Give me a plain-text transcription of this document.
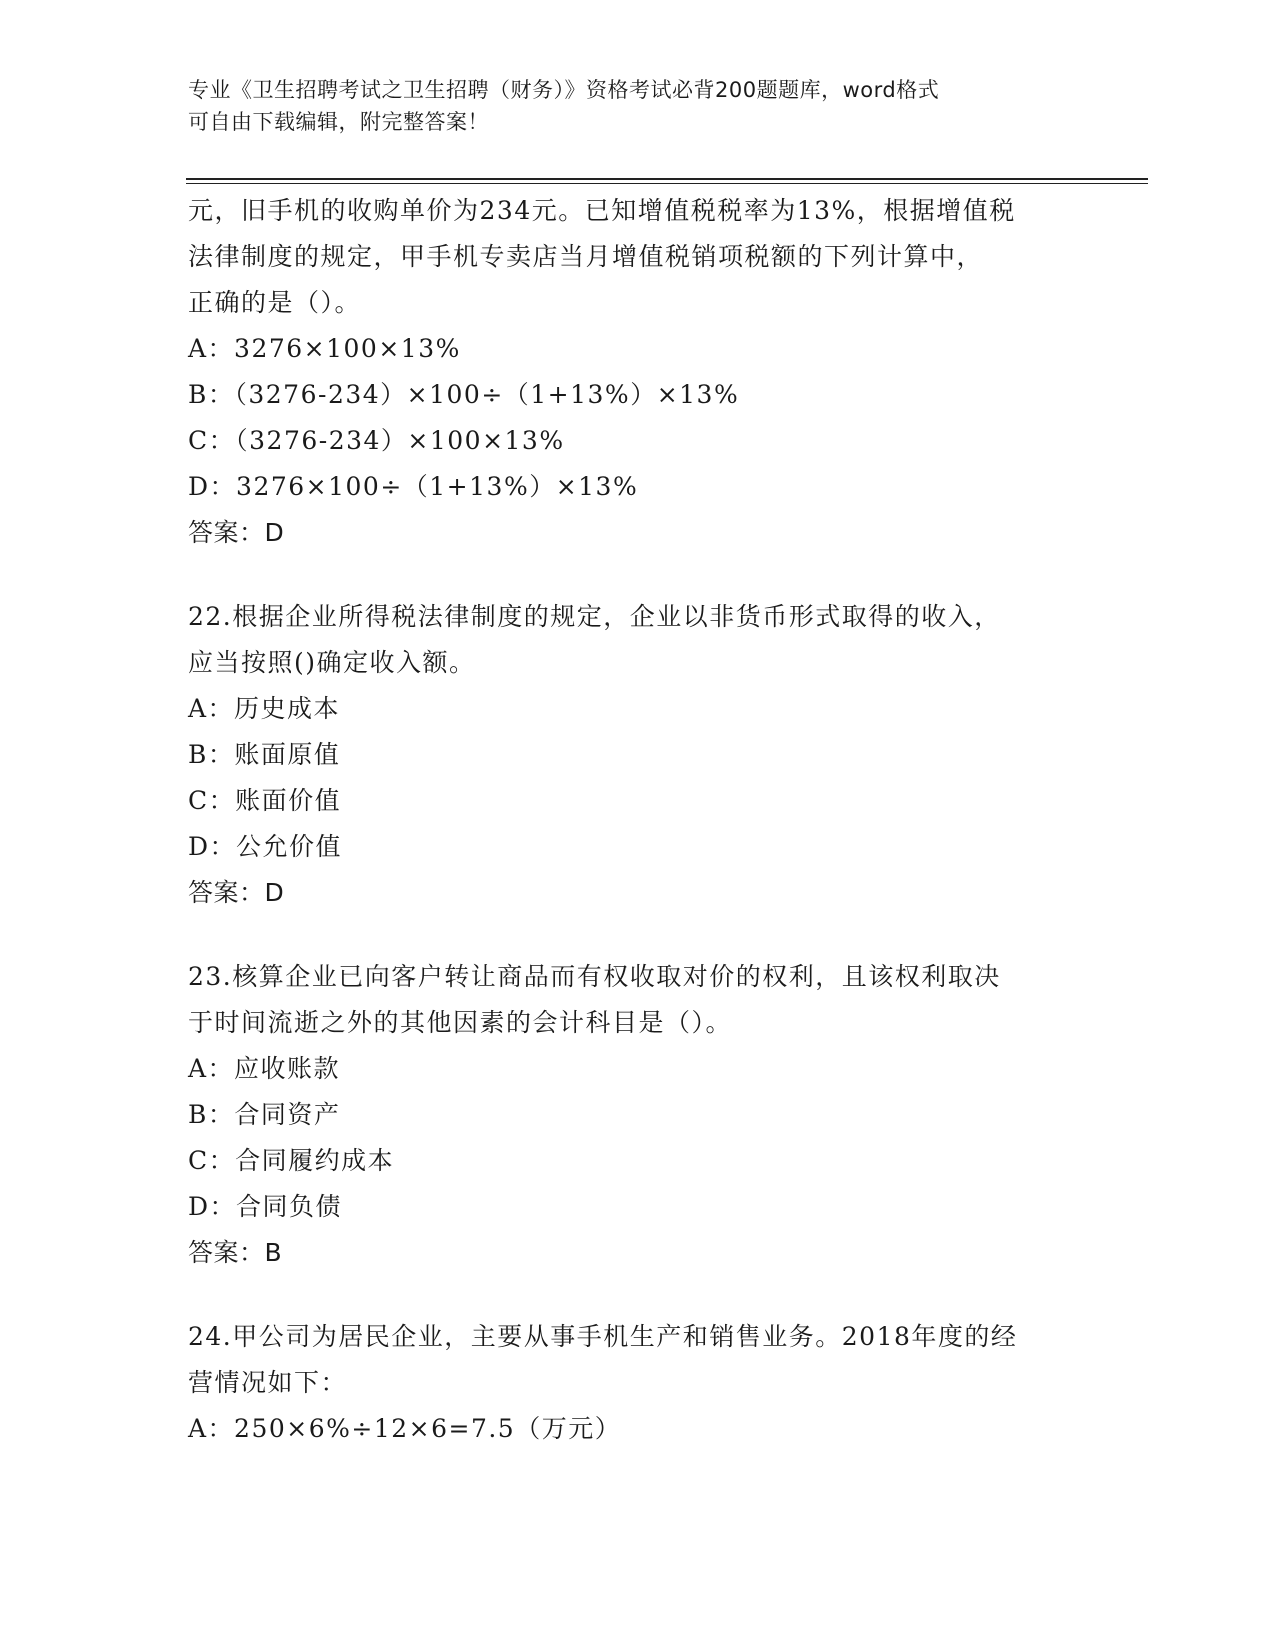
专业《卫生招聘考试之卫生招聘（财务）》资格考试必背200题题库，word格式
可自由下载编辑，附完整答案！
元，旧手机的收购单价为234元。已知增值税税率为13%，根据增值税
法律制度的规定，甲手机专卖店当月增值税销项税额的下列计算中，
正确的是（）。
A：3276×100×13%
B：（3276-234）×100÷（1+13%）×13%
C：（3276-234）×100×13%
D：3276×100÷（1+13%）×13%
答案：D
22.根据企业所得税法律制度的规定，企业以非货币形式取得的收入，
应当按照()确定收入额。
A：历史成本
B：账面原值
C：账面价值
D：公允价值
答案：D
23.核算企业已向客户转让商品而有权收取对价的权利，且该权利取决
于时间流逝之外的其他因素的会计科目是（）。
A：应收账款
B：合同资产
C：合同履约成本
D：合同负债
答案：B
24.甲公司为居民企业，主要从事手机生产和销售业务。2018年度的经
营情况如下：
A：250×6%÷12×6=7.5（万元）
